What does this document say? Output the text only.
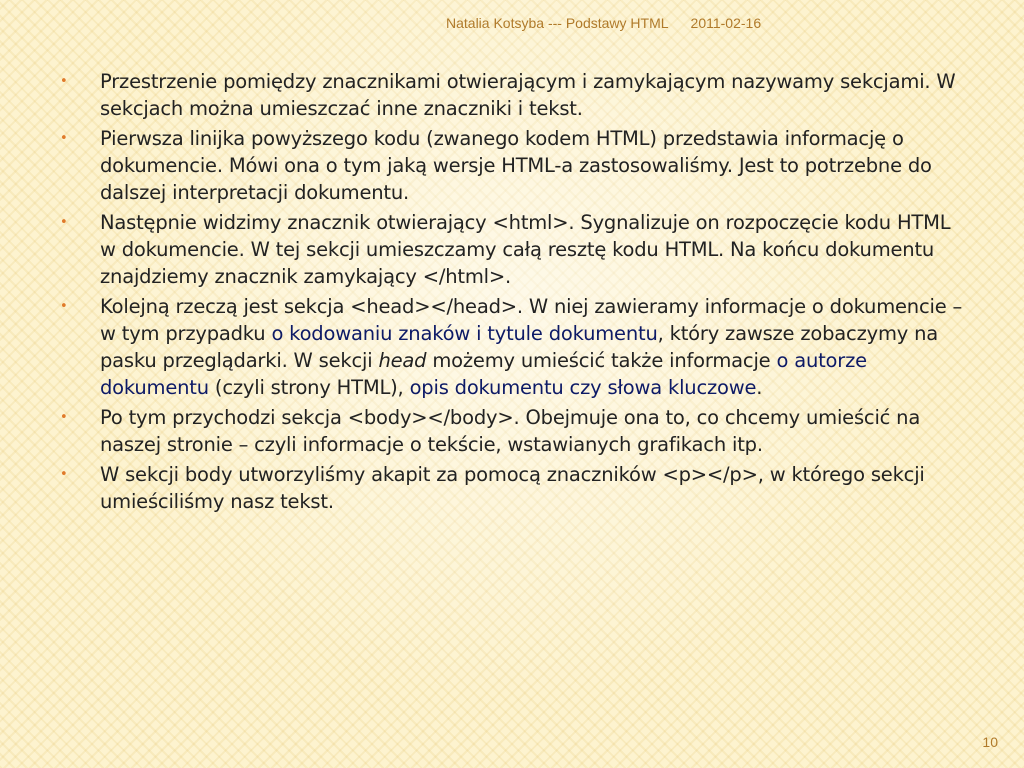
Natalia Kotsyba --- Podstawy HTML 2011-02-16
• Przestrzenie pomiędzy znacznikami otwierającym i zamykającym nazywamy sekcjami. W sekcjach można umieszczać inne znaczniki i tekst.
• Pierwsza linijka powyższego kodu (zwanego kodem HTML) przedstawia informację o dokumencie. Mówi ona o tym jaką wersje HTML-a zastosowaliśmy. Jest to potrzebne do dalszej interpretacji dokumentu.
• Następnie widzimy znacznik otwierający <html>. Sygnalizuje on rozpoczęcie kodu HTML w dokumencie. W tej sekcji umieszczamy całą resztę kodu HTML. Na końcu dokumentu znajdziemy znacznik zamykający </html>.
• Kolejną rzeczą jest sekcja <head></head>. W niej zawieramy informacje o dokumencie – w tym przypadku o kodowaniu znaków i tytule dokumentu, który zawsze zobaczymy na pasku przeglądarki. W sekcji head możemy umieścić także informacje o autorze dokumentu (czyli strony HTML), opis dokumentu czy słowa kluczowe.
• Po tym przychodzi sekcja <body></body>. Obejmuje ona to, co chcemy umieścić na naszej stronie – czyli informacje o tekście, wstawianych grafikach itp.
• W sekcji body utworzyliśmy akapit za pomocą znaczników <p></p>, w którego sekcji umieściliśmy nasz tekst.
10
